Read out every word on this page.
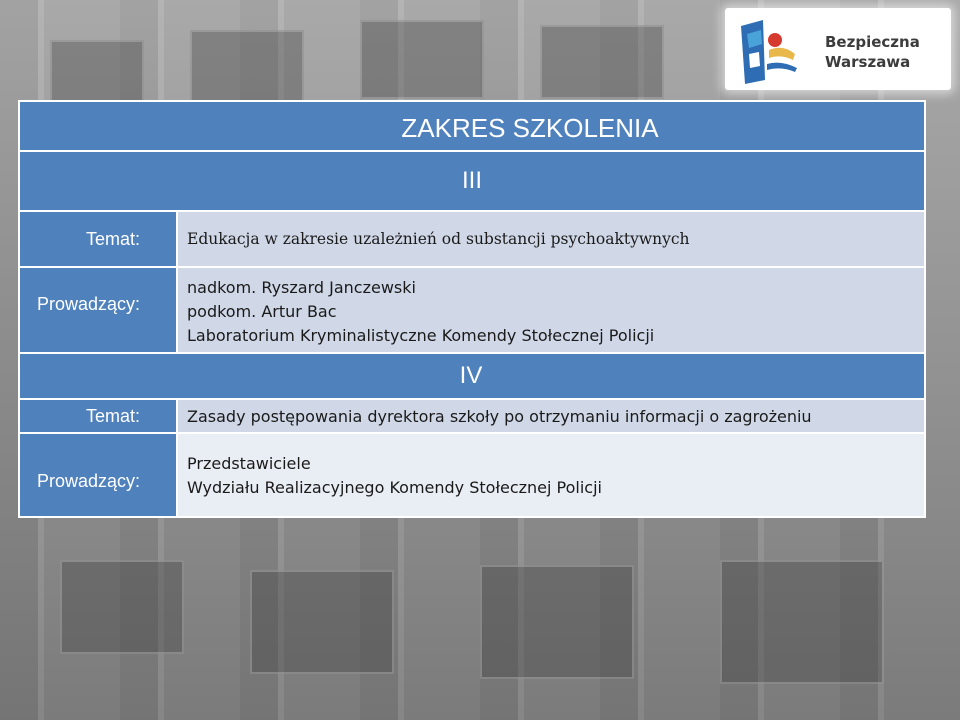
Bezpieczna
Warszawa
ZAKRES SZKOLENIA	
III	
Temat:	Edukacja w zakresie uzależnień od substancji psychoaktywnych
Prowadzący:	nadkom. Ryszard Janczewski
podkom. Artur Bac
Laboratorium Kryminalistyczne Komendy Stołecznej Policji

IV	
Temat:	Zasady postępowania dyrektora szkoły po otrzymaniu informacji o zagrożeniu
Prowadzący:	Przedstawiciele
Wydziału Realizacyjnego Komendy Stołecznej Policji
